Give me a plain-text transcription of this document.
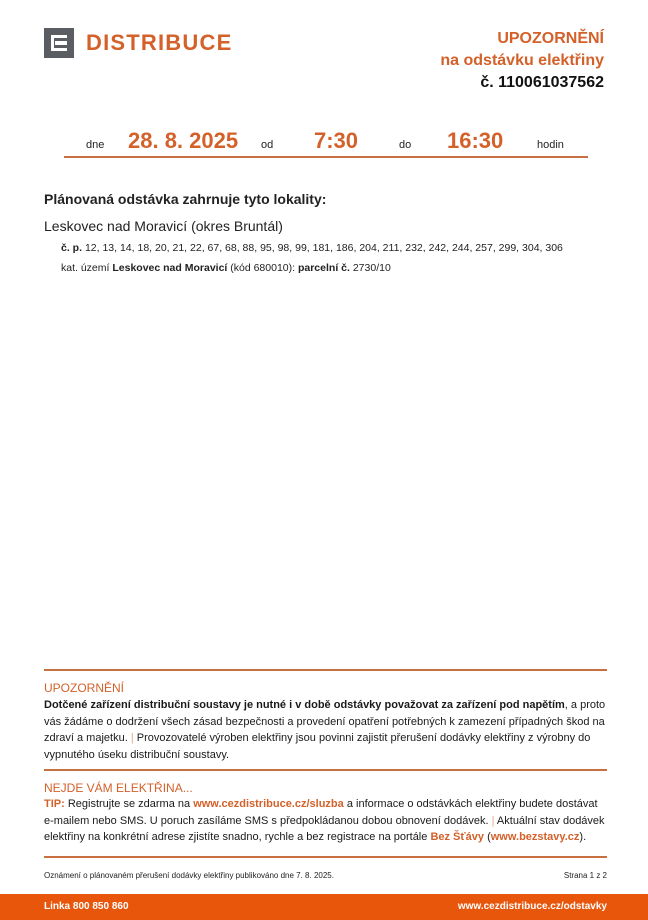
DISTRIBUCE	UPOZORNĚNÍ
na odstávku elektřiny
č. 110061037562
dne 28. 8. 2025 od 7:30	do 16:30	hodin
Plánovaná odstávka zahrnuje tyto lokality:
Leskovec nad Moravicí (okres Bruntál)
č. p. 12, 13, 14, 18, 20, 21, 22, 67, 68, 88, 95, 98, 99, 181, 186, 204, 211, 232, 242, 244, 257, 299, 304, 306
kat. území Leskovec nad Moravicí (kód 680010): parcelní č. 2730/10
UPOZORNĚNÍ
Dotčené zařízení distribuční soustavy je nutné i v době odstávky považovat za zařízení pod napětím, a proto vás žádáme o dodržení všech zásad bezpečnosti a provedení opatření potřebných k zamezení případných škod na zdraví a majetku. | Provozovatelé výroben elektřiny jsou povinni zajistit přerušení dodávky elektřiny z výrobny do vypnutého úseku distribuční soustavy.
NEJDE VÁM ELEKTŘINA...
TIP: Registrujte se zdarma na www.cezdistribuce.cz/sluzba a informace o odstávkách elektřiny budete dostávat e-mailem nebo SMS. U poruch zasíláme SMS s předpokládanou dobou obnovení dodávek. | Aktuální stav dodávek elektřiny na konkrétní adrese zjistíte snadno, rychle a bez registrace na portále Bez Šťávy (www.bezstavy.cz).
Oznámení o plánovaném přerušení dodávky elektřiny publikováno dne 7. 8. 2025.	Strana 1 z 2
Linka 800 850 860	www.cezdistribuce.cz/odstavky
